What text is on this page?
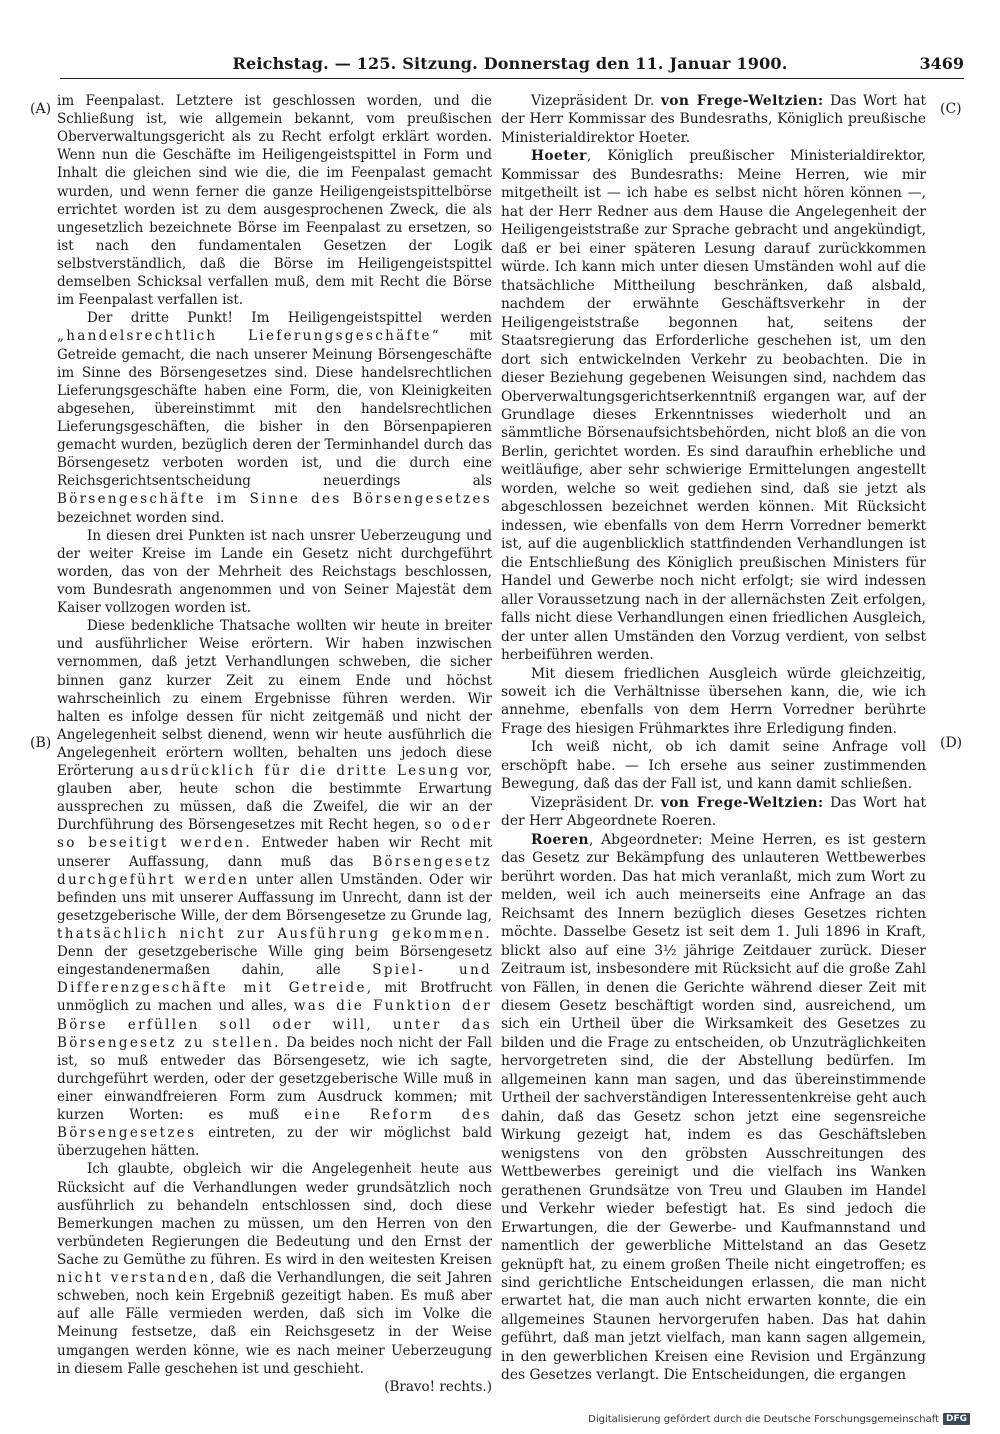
Reichstag. — 125. Sitzung. Donnerstag den 11. Januar 1900.	3469
(A)
(B)
(C)
(D)

im Feenpalast. Letztere ist geschlossen worden, und die Schließung ist, wie allgemein bekannt, vom preußischen Oberverwaltungsgericht als zu Recht erfolgt erklärt worden. Wenn nun die Geschäfte im Heiligengeistspittel in Form und Inhalt die gleichen sind wie die, die im Feenpalast gemacht wurden, und wenn ferner die ganze Heiligengeistspittelbörse errichtet worden ist zu dem ausgesprochenen Zweck, die als ungesetzlich bezeichnete Börse im Feenpalast zu ersetzen, so ist nach den fundamentalen Gesetzen der Logik selbstverständlich, daß die Börse im Heiligengeistspittel demselben Schicksal verfallen muß, dem mit Recht die Börse im Feenpalast verfallen ist.

Der dritte Punkt! Im Heiligengeistspittel werden „handelsrechtlich Lieferungsgeschäfte“ mit Getreide gemacht, die nach unserer Meinung Börsengeschäfte im Sinne des Börsengesetzes sind. Diese handelsrechtlichen Lieferungsgeschäfte haben eine Form, die, von Kleinigkeiten abgesehen, übereinstimmt mit den handelsrechtlichen Lieferungsgeschäften, die bisher in den Börsenpapieren gemacht wurden, bezüglich deren der Terminhandel durch das Börsengesetz verboten worden ist, und die durch eine Reichsgerichtsentscheidung neuerdings als Börsengeschäfte im Sinne des Börsengesetzes bezeichnet worden sind.

In diesen drei Punkten ist nach unsrer Ueberzeugung und der weiter Kreise im Lande ein Gesetz nicht durchgeführt worden, das von der Mehrheit des Reichstags beschlossen, vom Bundesrath angenommen und von Seiner Majestät dem Kaiser vollzogen worden ist.

Diese bedenkliche Thatsache wollten wir heute in breiter und ausführlicher Weise erörtern. Wir haben inzwischen vernommen, daß jetzt Verhandlungen schweben, die sicher binnen ganz kurzer Zeit zu einem Ende und höchst wahrscheinlich zu einem Ergebnisse führen werden. Wir halten es infolge dessen für nicht zeitgemäß und nicht der Angelegenheit selbst dienend, wenn wir heute ausführlich die Angelegenheit erörtern wollten, behalten uns jedoch diese Erörterung ausdrücklich für die dritte Lesung vor, glauben aber, heute schon die bestimmte Erwartung aussprechen zu müssen, daß die Zweifel, die wir an der Durchführung des Börsengesetzes mit Recht hegen, so oder so beseitigt werden. Entweder haben wir Recht mit unserer Auffassung, dann muß das Börsengesetz durchgeführt werden unter allen Umständen. Oder wir befinden uns mit unserer Auffassung im Unrecht, dann ist der gesetzgeberische Wille, der dem Börsengesetze zu Grunde lag, thatsächlich nicht zur Ausführung gekommen. Denn der gesetzgeberische Wille ging beim Börsengesetz eingestandenermaßen dahin, alle Spiel- und Differenzgeschäfte mit Getreide, mit Brotfrucht unmöglich zu machen und alles, was die Funktion der Börse erfüllen soll oder will, unter das Börsengesetz zu stellen. Da beides noch nicht der Fall ist, so muß entweder das Börsengesetz, wie ich sagte, durchgeführt werden, oder der gesetzgeberische Wille muß in einer einwandfreieren Form zum Ausdruck kommen; mit kurzen Worten: es muß eine Reform des Börsengesetzes eintreten, zu der wir möglichst bald überzugehen hätten.

Ich glaubte, obgleich wir die Angelegenheit heute aus Rücksicht auf die Verhandlungen weder grundsätzlich noch ausführlich zu behandeln entschlossen sind, doch diese Bemerkungen machen zu müssen, um den Herren von den verbündeten Regierungen die Bedeutung und den Ernst der Sache zu Gemüthe zu führen. Es wird in den weitesten Kreisen nicht verstanden, daß die Verhandlungen, die seit Jahren schweben, noch kein Ergebniß gezeitigt haben. Es muß aber auf alle Fälle vermieden werden, daß sich im Volke die Meinung festsetze, daß ein Reichsgesetz in der Weise umgangen werden könne, wie es nach meiner Ueberzeugung in diesem Falle geschehen ist und geschieht.

(Bravo! rechts.)

Vizepräsident Dr. von Frege-Weltzien: Das Wort hat der Herr Kommissar des Bundesraths, Königlich preußische Ministerialdirektor Hoeter.

Hoeter, Königlich preußischer Ministerialdirektor, Kommissar des Bundesraths: Meine Herren, wie mir mitgetheilt ist — ich habe es selbst nicht hören können —, hat der Herr Redner aus dem Hause die Angelegenheit der Heiligengeiststraße zur Sprache gebracht und angekündigt, daß er bei einer späteren Lesung darauf zurückkommen würde. Ich kann mich unter diesen Umständen wohl auf die thatsächliche Mittheilung beschränken, daß alsbald, nachdem der erwähnte Geschäftsverkehr in der Heiligengeiststraße begonnen hat, seitens der Staatsregierung das Erforderliche geschehen ist, um den dort sich entwickelnden Verkehr zu beobachten. Die in dieser Beziehung gegebenen Weisungen sind, nachdem das Oberverwaltungsgerichtserkenntniß ergangen war, auf der Grundlage dieses Erkenntnisses wiederholt und an sämmtliche Börsenaufsichtsbehörden, nicht bloß an die von Berlin, gerichtet worden. Es sind daraufhin erhebliche und weitläufige, aber sehr schwierige Ermittelungen angestellt worden, welche so weit gediehen sind, daß sie jetzt als abgeschlossen bezeichnet werden können. Mit Rücksicht indessen, wie ebenfalls von dem Herrn Vorredner bemerkt ist, auf die augenblicklich stattfindenden Verhandlungen ist die Entschließung des Königlich preußischen Ministers für Handel und Gewerbe noch nicht erfolgt; sie wird indessen aller Voraussetzung nach in der allernächsten Zeit erfolgen, falls nicht diese Verhandlungen einen friedlichen Ausgleich, der unter allen Umständen den Vorzug verdient, von selbst herbeiführen werden.

Mit diesem friedlichen Ausgleich würde gleichzeitig, soweit ich die Verhältnisse übersehen kann, die, wie ich annehme, ebenfalls von dem Herrn Vorredner berührte Frage des hiesigen Frühmarktes ihre Erledigung finden.

Ich weiß nicht, ob ich damit seine Anfrage voll erschöpft habe. — Ich ersehe aus seiner zustimmenden Bewegung, daß das der Fall ist, und kann damit schließen.

Vizepräsident Dr. von Frege-Weltzien: Das Wort hat der Herr Abgeordnete Roeren.

Roeren, Abgeordneter: Meine Herren, es ist gestern das Gesetz zur Bekämpfung des unlauteren Wettbewerbes berührt worden. Das hat mich veranlaßt, mich zum Wort zu melden, weil ich auch meinerseits eine Anfrage an das Reichsamt des Innern bezüglich dieses Gesetzes richten möchte. Dasselbe Gesetz ist seit dem 1. Juli 1896 in Kraft, blickt also auf eine 3½ jährige Zeitdauer zurück. Dieser Zeitraum ist, insbesondere mit Rücksicht auf die große Zahl von Fällen, in denen die Gerichte während dieser Zeit mit diesem Gesetz beschäftigt worden sind, ausreichend, um sich ein Urtheil über die Wirksamkeit des Gesetzes zu bilden und die Frage zu entscheiden, ob Unzuträglichkeiten hervorgetreten sind, die der Abstellung bedürfen. Im allgemeinen kann man sagen, und das übereinstimmende Urtheil der sachverständigen Interessentenkreise geht auch dahin, daß das Gesetz schon jetzt eine segensreiche Wirkung gezeigt hat, indem es das Geschäftsleben wenigstens von den gröbsten Ausschreitungen des Wettbewerbes gereinigt und die vielfach ins Wanken gerathenen Grundsätze von Treu und Glauben im Handel und Verkehr wieder befestigt hat. Es sind jedoch die Erwartungen, die der Gewerbe- und Kaufmannstand und namentlich der gewerbliche Mittelstand an das Gesetz geknüpft hat, zu einem großen Theile nicht eingetroffen; es sind gerichtliche Entscheidungen erlassen, die man nicht erwartet hat, die man auch nicht erwarten konnte, die ein allgemeines Staunen hervorgerufen haben. Das hat dahin geführt, daß man jetzt vielfach, man kann sagen allgemein, in den gewerblichen Kreisen eine Revision und Ergänzung des Gesetzes verlangt. Die Entscheidungen, die ergangen

Digitalisierung gefördert durch die Deutsche Forschungsgemeinschaft DFG
